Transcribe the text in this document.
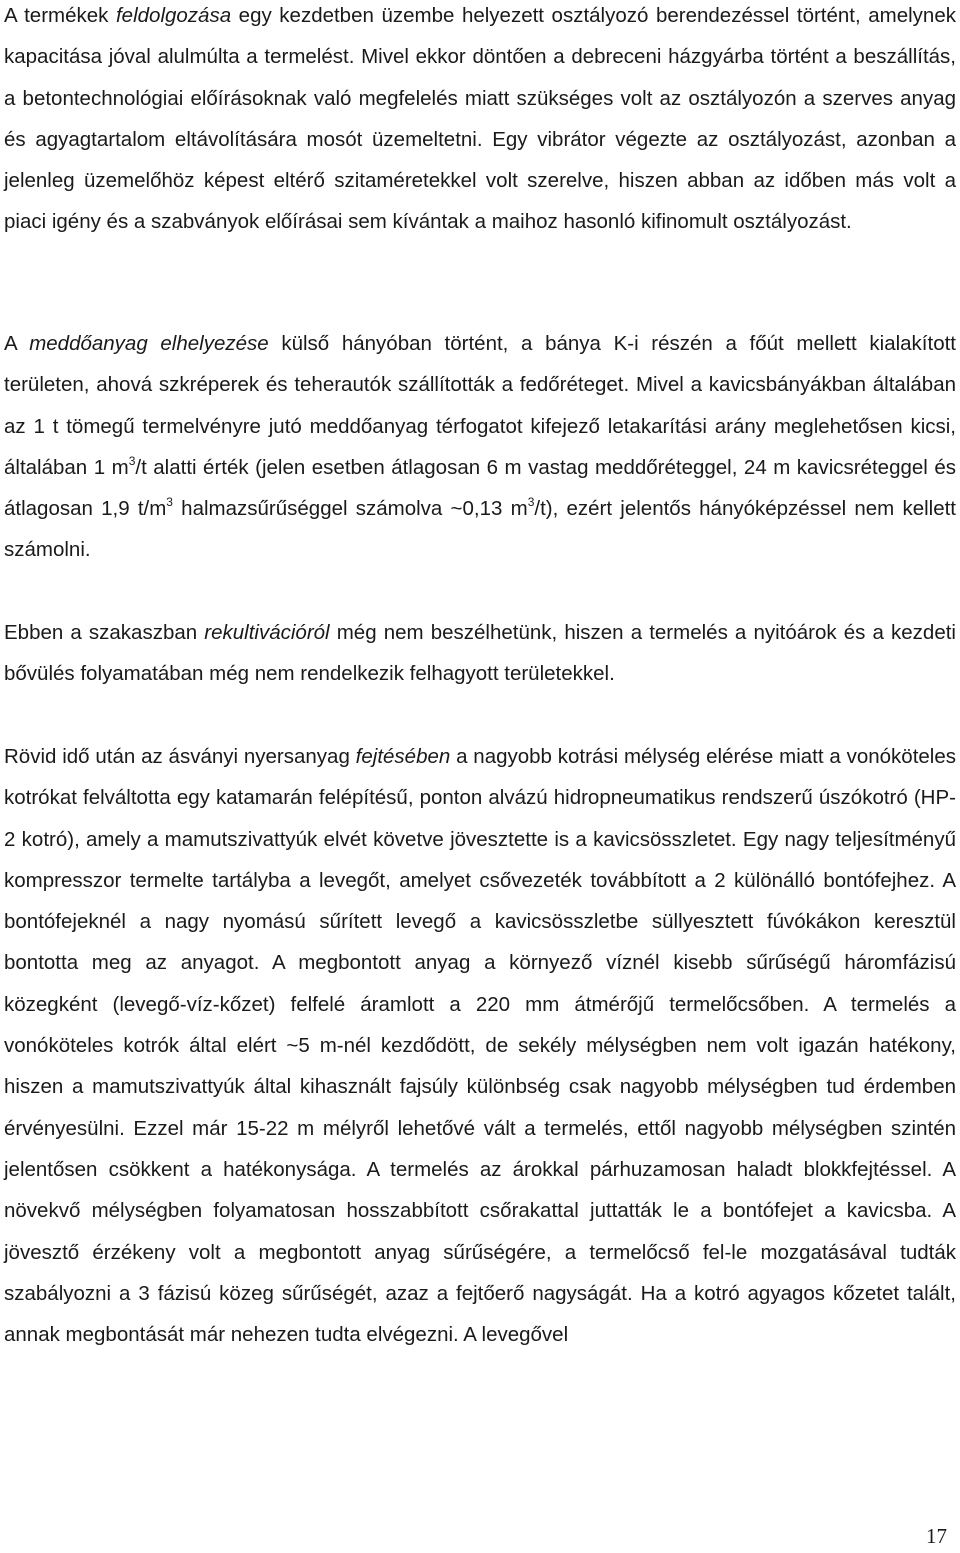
A termékek feldolgozása egy kezdetben üzembe helyezett osztályozó berendezéssel történt, amelynek kapacitása jóval alulmúlta a termelést. Mivel ekkor döntően a debreceni házgyárba történt a beszállítás, a betontechnológiai előírásoknak való megfelelés miatt szükséges volt az osztályozón a szerves anyag és agyagtartalom eltávolítására mosót üzemeltetni. Egy vibrátor végezte az osztályozást, azonban a jelenleg üzemelőhöz képest eltérő szitaméretekkel volt szerelve, hiszen abban az időben más volt a piaci igény és a szabványok előírásai sem kívántak a maihoz hasonló kifinomult osztályozást.

A meddőanyag elhelyezése külső hányóban történt, a bánya K-i részén a főút mellett kialakított területen, ahová szkréperek és teherautók szállították a fedőréteget. Mivel a kavicsbányákban általában az 1 t tömegű termelvényre jutó meddőanyag térfogatot kifejező letakarítási arány meglehetősen kicsi, általában 1 $m^3/t$ alatti érték (jelen esetben átlagosan 6 m vastag meddőréteggel, 24 m kavicsréteggel és átlagosan 1,9 $t/m^3$ halmazsűrűséggel számolva ~0,13 $m^3/t$), ezért jelentős hányóképzéssel nem kellett számolni.

Ebben a szakaszban rekultivációról még nem beszélhetünk, hiszen a termelés a nyitóárok és a kezdeti bővülés folyamatában még nem rendelkezik felhagyott területekkel.

Rövid idő után az ásványi nyersanyag fejtésében a nagyobb kotrási mélység elérése miatt a vonóköteles kotrókat felváltotta egy katamarán felépítésű, ponton alvázú hidropneumatikus rendszerű úszókotró (HP-2 kotró), amely a mamutszivattyúk elvét követve jövesztette is a kavicsösszletet. Egy nagy teljesítményű kompresszor termelte tartályba a levegőt, amelyet csővezeték továbbított a 2 különálló bontófejhez. A bontófejeknél a nagy nyomású sűrített levegő a kavicsösszletbe süllyesztett fúvókákon keresztül bontotta meg az anyagot. A megbontott anyag a környező víznél kisebb sűrűségű háromfázisú közegként (levegő-víz-kőzet) felfelé áramlott a 220 mm átmérőjű termelőcsőben. A termelés a vonóköteles kotrók által elért ~5 m-nél kezdődött, de sekély mélységben nem volt igazán hatékony, hiszen a mamutszivattyúk által kihasznált fajsúly különbség csak nagyobb mélységben tud érdemben érvényesülni. Ezzel már 15-22 m mélyről lehetővé vált a termelés, ettől nagyobb mélységben szintén jelentősen csökkent a hatékonysága. A termelés az árokkal párhuzamosan haladt blokkfejtéssel. A növekvő mélységben folyamatosan hosszabbított csőrakattal juttatták le a bontófejet a kavicsba. A jövesztő érzékeny volt a megbontott anyag sűrűségére, a termelőcső fel-le mozgatásával tudták szabályozni a 3 fázisú közeg sűrűségét, azaz a fejtőerő nagyságát. Ha a kotró agyagos kőzetet talált, annak megbontását már nehezen tudta elvégezni. A levegővel

17
